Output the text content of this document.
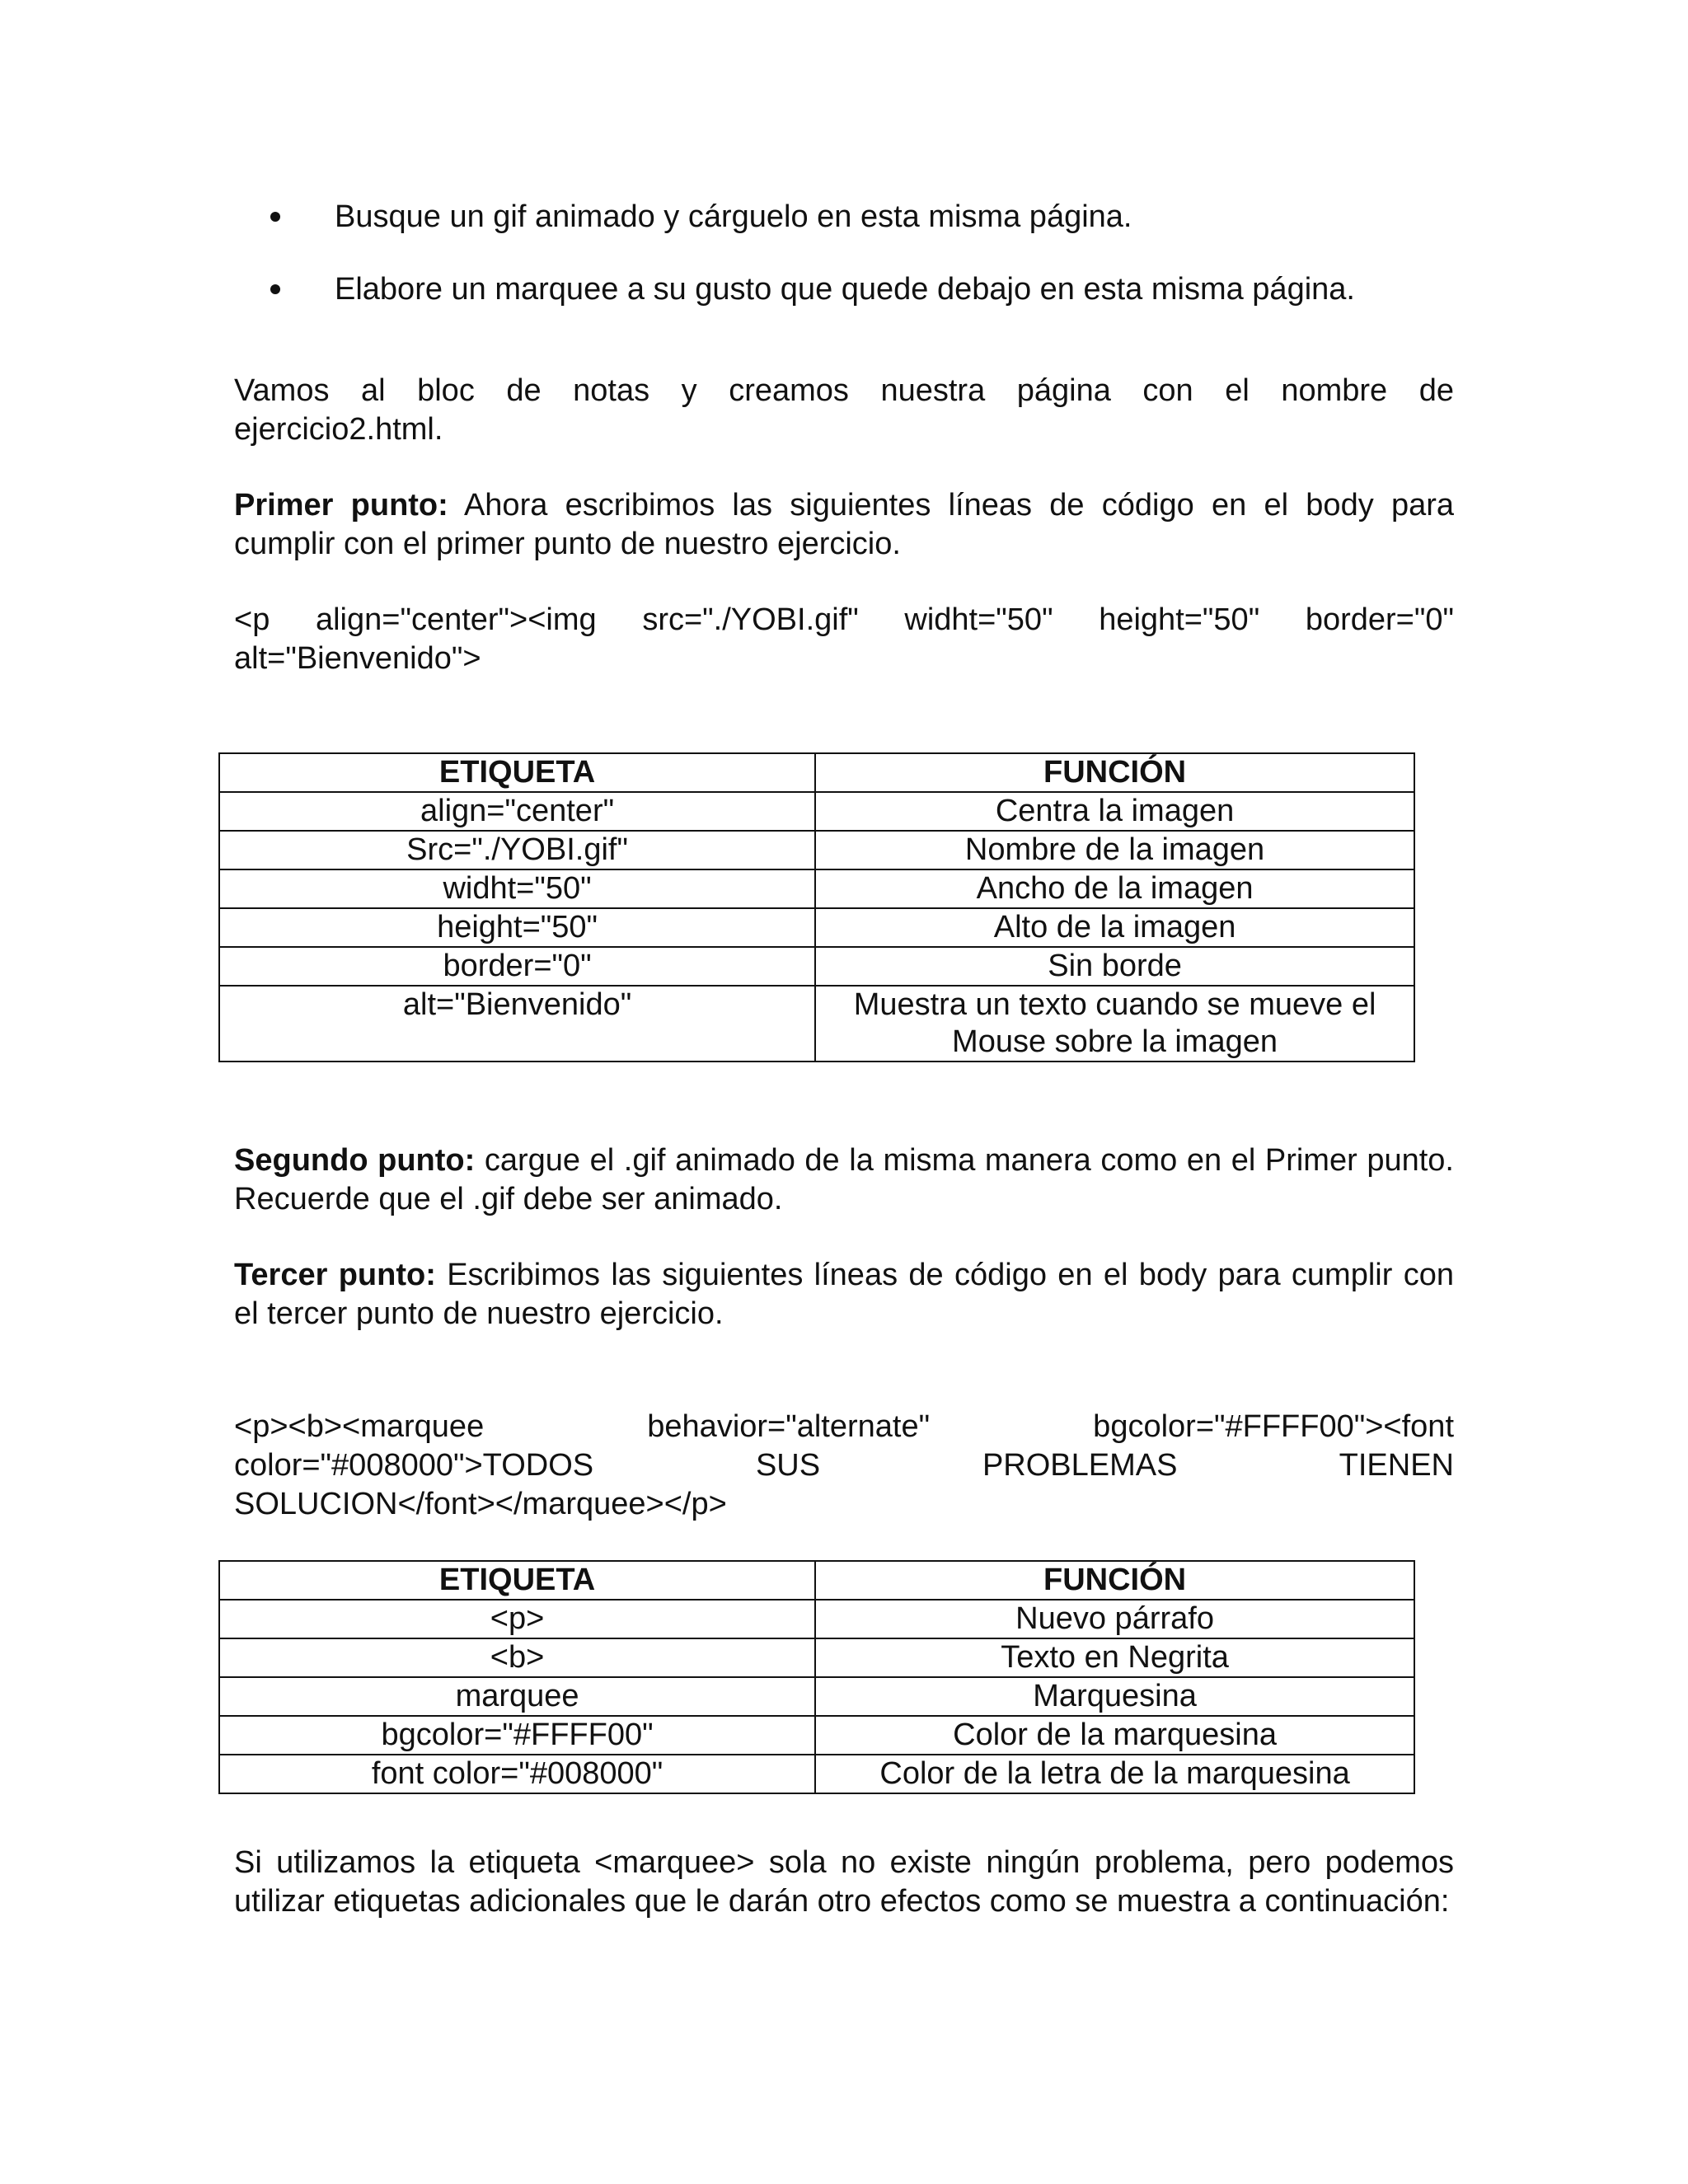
Busque un gif animado y cárguelo en esta misma página.
Elabore un marquee a su gusto que quede debajo en esta misma página.
Vamos al bloc de notas y creamos nuestra página con el nombre de
ejercicio2.html.

Primer punto: Ahora escribimos las siguientes líneas de código en el body para cumplir con el primer punto de nuestro ejercicio.

<p align="center"><img src="./YOBI.gif" widht="50" height="50" border="0"
alt="Bienvenido">
ETIQUETA	FUNCIÓN
align="center"	Centra la imagen
Src="./YOBI.gif"	Nombre de la imagen
widht="50"	Ancho de la imagen
height="50"	Alto de la imagen
border="0"	Sin borde
alt="Bienvenido"	Muestra un texto cuando se mueve el Mouse sobre la imagen

Segundo punto: cargue el .gif animado de la misma manera como en el Primer punto. Recuerde que el .gif debe ser animado.

Tercer punto: Escribimos las siguientes líneas de código en el body para cumplir con el tercer punto de nuestro ejercicio.

<p><b><marquee behavior="alternate" bgcolor="#FFFF00"><font
color="#008000">TODOS SUS PROBLEMAS TIENEN
SOLUCION</font></marquee></p>
ETIQUETA	FUNCIÓN
<p>	Nuevo párrafo
<b>	Texto en Negrita
marquee	Marquesina
bgcolor="#FFFF00"	Color de la marquesina
font color="#008000"	Color de la letra de la marquesina

Si utilizamos la etiqueta <marquee> sola no existe ningún problema, pero podemos utilizar etiquetas adicionales que le darán otro efectos como se muestra a continuación:
